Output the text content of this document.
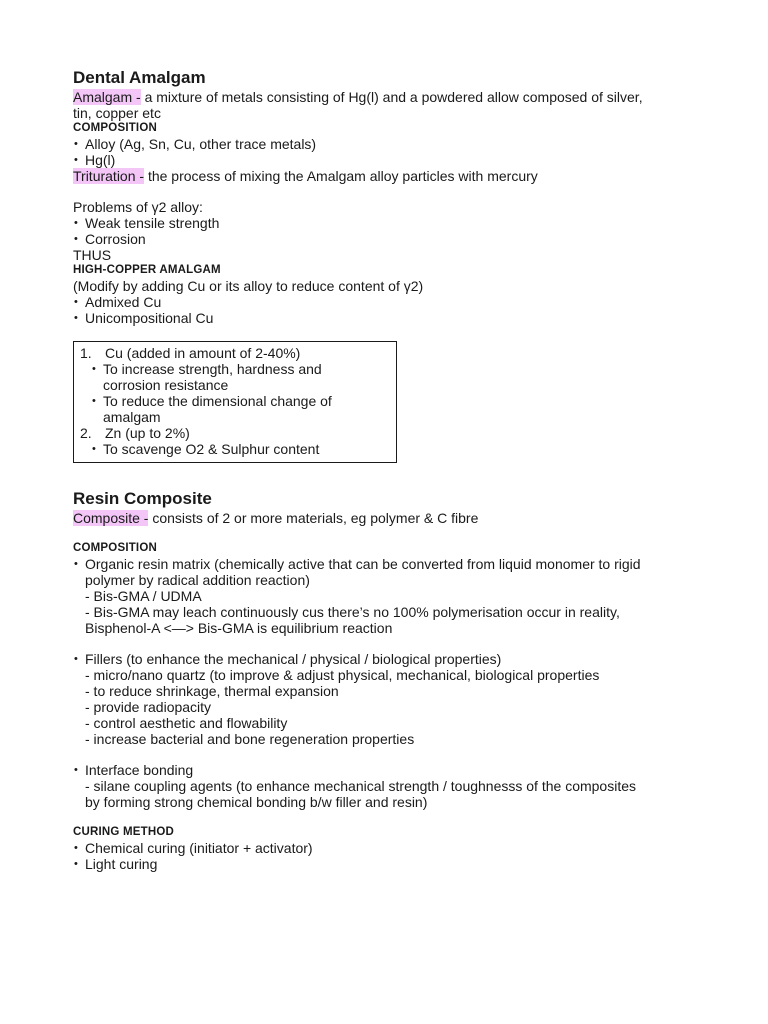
Dental Amalgam
Amalgam - a mixture of metals consisting of Hg(l) and a powdered allow composed of silver,
tin, copper etc
COMPOSITION
• Alloy (Ag, Sn, Cu, other trace metals)
• Hg(l)
Trituration - the process of mixing the Amalgam alloy particles with mercury
Problems of γ2 alloy:
• Weak tensile strength
• Corrosion
THUS
HIGH-COPPER AMALGAM
(Modify by adding Cu or its alloy to reduce content of γ2)
• Admixed Cu
• Unicompositional Cu
1. Cu (added in amount of 2-40%)
• To increase strength, hardness and
corrosion resistance
• To reduce the dimensional change of
amalgam
2. Zn (up to 2%)
• To scavenge O2 & Sulphur content
Resin Composite
Composite - consists of 2 or more materials, eg polymer & C fibre
COMPOSITION
• Organic resin matrix (chemically active that can be converted from liquid monomer to rigid
polymer by radical addition reaction)
- Bis-GMA / UDMA
- Bis-GMA may leach continuously cus there’s no 100% polymerisation occur in reality,
Bisphenol-A <—> Bis-GMA is equilibrium reaction
• Fillers (to enhance the mechanical / physical / biological properties)
- micro/nano quartz (to improve & adjust physical, mechanical, biological properties
- to reduce shrinkage, thermal expansion
- provide radiopacity
- control aesthetic and flowability
- increase bacterial and bone regeneration properties
• Interface bonding
- silane coupling agents (to enhance mechanical strength / toughnesss of the composites
by forming strong chemical bonding b/w filler and resin)
CURING METHOD
• Chemical curing (initiator + activator)
• Light curing
